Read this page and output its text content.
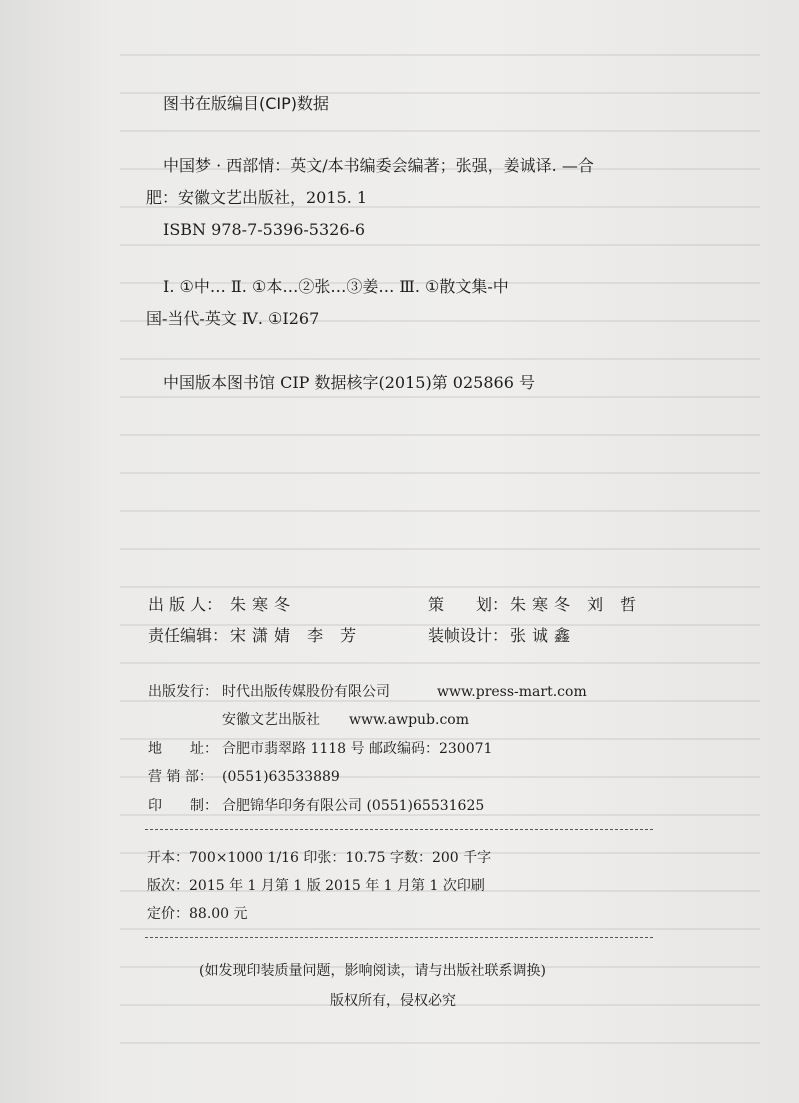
图书在版编目(CIP)数据
中国梦 · 西部情：英文/本书编委会编著；张强，姜诚译. —合
肥：安徽文艺出版社，2015. 1
ISBN 978-7-5396-5326-6
Ⅰ. ①中… Ⅱ. ①本…②张…③姜… Ⅲ. ①散文集-中
国-当代-英文 Ⅳ. ①I267
中国版本图书馆 CIP 数据核字(2015)第 025866 号
出 版 人： 朱寒冬	策　　划： 朱寒冬 刘 哲
责任编辑： 宋潇婧 李 芳	装帧设计： 张诚鑫
出版发行： 时代出版传媒股份有限公司	www.press-mart.com
安徽文艺出版社 www.awpub.com
地　　址： 合肥市翡翠路 1118 号 邮政编码：230071
营 销 部： (0551)63533889
印　　制： 合肥锦华印务有限公司 (0551)65531625
开本：700×1000 1/16 印张：10.75 字数：200 千字
版次：2015 年 1 月第 1 版 2015 年 1 月第 1 次印刷
定价：88.00 元
(如发现印装质量问题，影响阅读，请与出版社联系调换)
版权所有，侵权必究
